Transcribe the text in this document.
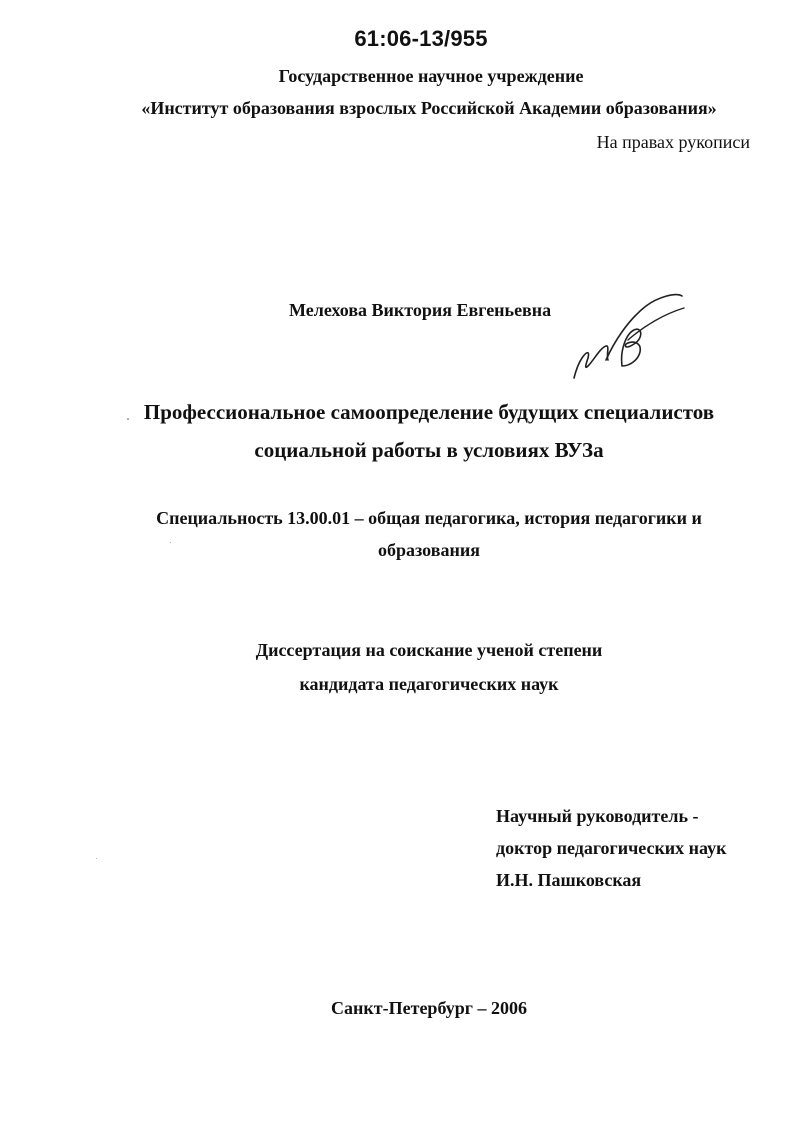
61:06-13/955
Государственное научное учреждение
«Институт образования взрослых Российской Академии образования»
На правах рукописи
Мелехова Виктория Евгеньевна
Профессиональное самоопределение будущих специалистов
социальной работы в условиях ВУЗа
Специальность 13.00.01 – общая педагогика, история педагогики и
образования
Диссертация на соискание ученой степени
кандидата педагогических наук
Научный руководитель -
доктор педагогических наук
И.Н. Пашковская
Санкт-Петербург – 2006
